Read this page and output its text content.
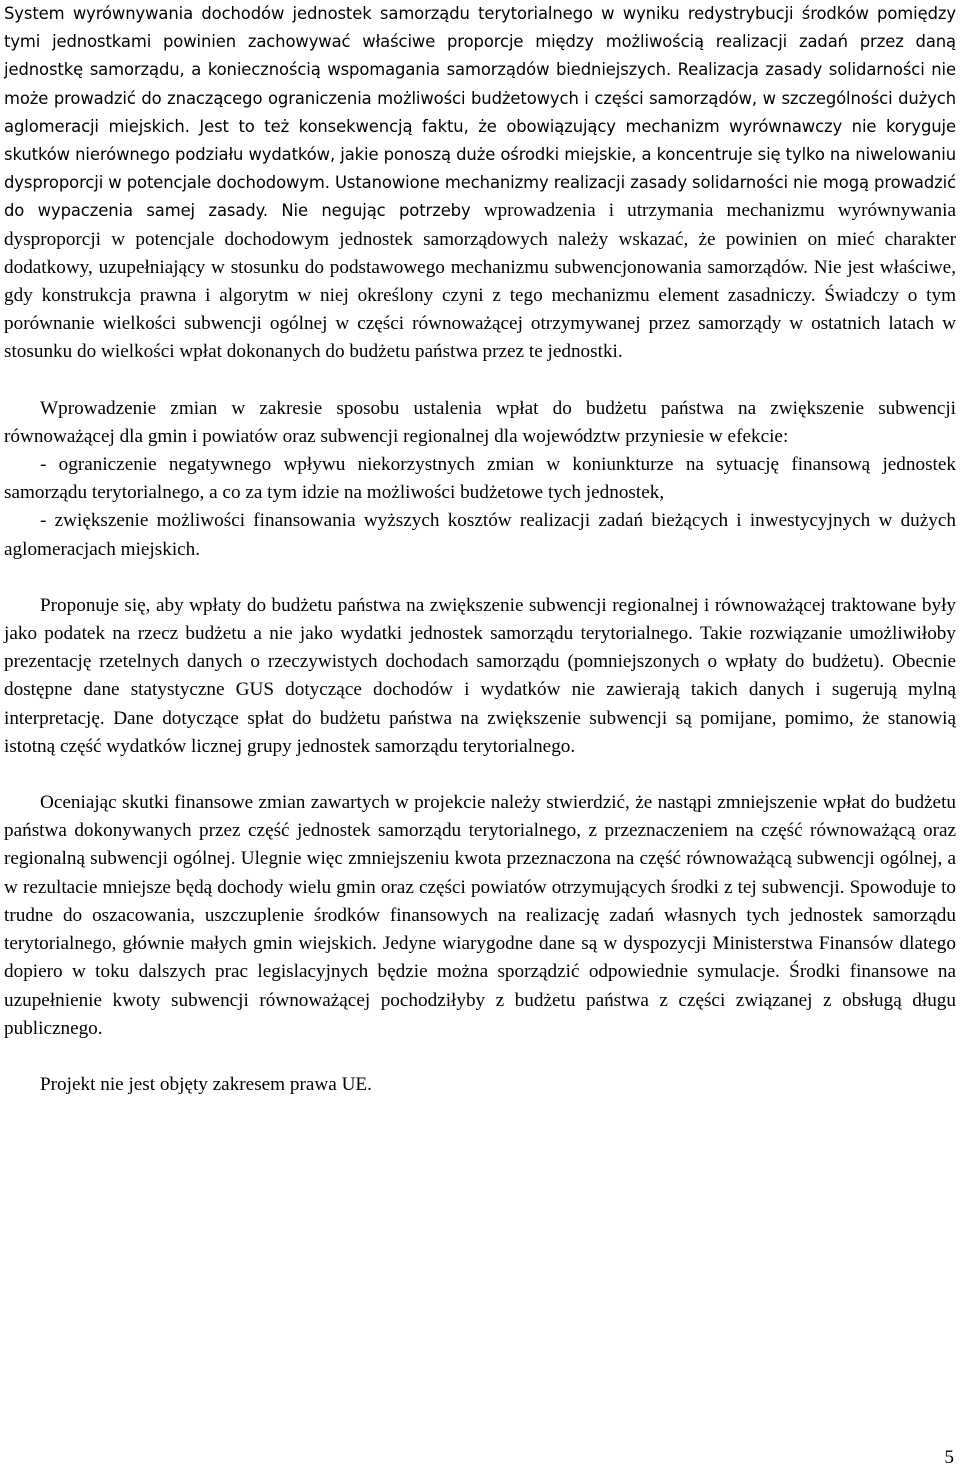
System wyrównywania dochodów jednostek samorządu terytorialnego w wyniku redystrybucji środków pomiędzy tymi jednostkami powinien zachowywać właściwe proporcje między możliwością realizacji zadań przez daną jednostkę samorządu, a koniecznością wspomagania samorządów biedniejszych. Realizacja zasady solidarności nie może prowadzić do znaczącego ograniczenia możliwości budżetowych i części samorządów, w szczególności dużych aglomeracji miejskich. Jest to też konsekwencją faktu, że obowiązujący mechanizm wyrównawczy nie koryguje skutków nierównego podziału wydatków, jakie ponoszą duże ośrodki miejskie, a koncentruje się tylko na niwelowaniu dysproporcji w potencjale dochodowym. Ustanowione mechanizmy realizacji zasady solidarności nie mogą prowadzić do wypaczenia samej zasady. Nie negując potrzeby wprowadzenia i utrzymania mechanizmu wyrównywania dysproporcji w potencjale dochodowym jednostek samorządowych należy wskazać, że powinien on mieć charakter dodatkowy, uzupełniający w stosunku do podstawowego mechanizmu subwencjonowania samorządów. Nie jest właściwe, gdy konstrukcja prawna i algorytm w niej określony czyni z tego mechanizmu element zasadniczy. Świadczy o tym porównanie wielkości subwencji ogólnej w części równoważącej otrzymywanej przez samorządy w ostatnich latach w stosunku do wielkości wpłat dokonanych do budżetu państwa przez te jednostki.

Wprowadzenie zmian w zakresie sposobu ustalenia wpłat do budżetu państwa na zwiększenie subwencji równoważącej dla gmin i powiatów oraz subwencji regionalnej dla województw przyniesie w efekcie:

- ograniczenie negatywnego wpływu niekorzystnych zmian w koniunkturze na sytuację finansową jednostek samorządu terytorialnego, a co za tym idzie na możliwości budżetowe tych jednostek,

- zwiększenie możliwości finansowania wyższych kosztów realizacji zadań bieżących i inwestycyjnych w dużych aglomeracjach miejskich.

Proponuje się, aby wpłaty do budżetu państwa na zwiększenie subwencji regionalnej i równoważącej traktowane były jako podatek na rzecz budżetu a nie jako wydatki jednostek samorządu terytorialnego. Takie rozwiązanie umożliwiłoby prezentację rzetelnych danych o rzeczywistych dochodach samorządu (pomniejszonych o wpłaty do budżetu). Obecnie dostępne dane statystyczne GUS dotyczące dochodów i wydatków nie zawierają takich danych i sugerują mylną interpretację. Dane dotyczące spłat do budżetu państwa na zwiększenie subwencji są pomijane, pomimo, że stanowią istotną część wydatków licznej grupy jednostek samorządu terytorialnego.

Oceniając skutki finansowe zmian zawartych w projekcie należy stwierdzić, że nastąpi zmniejszenie wpłat do budżetu państwa dokonywanych przez część jednostek samorządu terytorialnego, z przeznaczeniem na część równoważącą oraz regionalną subwencji ogólnej. Ulegnie więc zmniejszeniu kwota przeznaczona na część równoważącą subwencji ogólnej, a w rezultacie mniejsze będą dochody wielu gmin oraz części powiatów otrzymujących środki z tej subwencji. Spowoduje to trudne do oszacowania, uszczuplenie środków finansowych na realizację zadań własnych tych jednostek samorządu terytorialnego, głównie małych gmin wiejskich. Jedyne wiarygodne dane są w dyspozycji Ministerstwa Finansów dlatego dopiero w toku dalszych prac legislacyjnych będzie można sporządzić odpowiednie symulacje. Środki finansowe na uzupełnienie kwoty subwencji równoważącej pochodziłyby z budżetu państwa z części związanej z obsługą długu publicznego.

Projekt nie jest objęty zakresem prawa UE.

5
